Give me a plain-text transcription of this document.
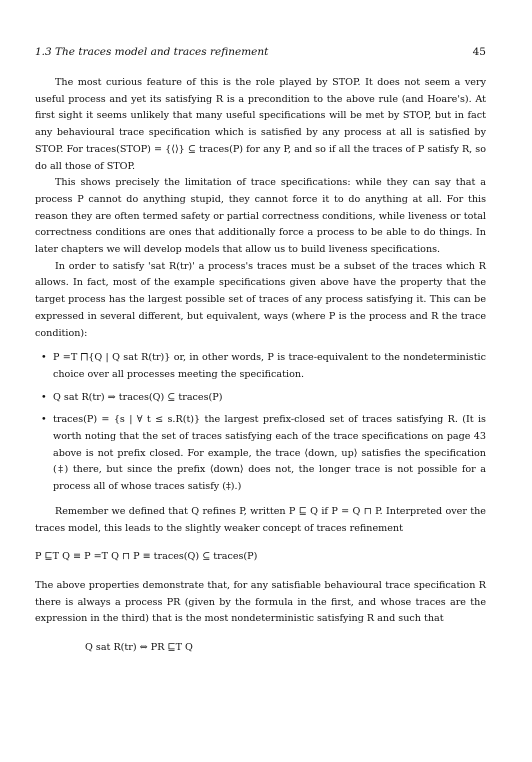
1.3 The traces model and traces refinement	45

The most curious feature of this is the role played by STOP. It does not seem a very useful process and yet its satisfying R is a precondition to the above rule (and Hoare's). At first sight it seems unlikely that many useful specifications will be met by STOP, but in fact any behavioural trace specification which is satisfied by any process at all is satisfied by STOP. For traces(STOP) = {⟨⟩} ⊆ traces(P) for any P, and so if all the traces of P satisfy R, so do all those of STOP.

This shows precisely the limitation of trace specifications: while they can say that a process P cannot do anything stupid, they cannot force it to do anything at all. For this reason they are often termed safety or partial correctness conditions, while liveness or total correctness conditions are ones that additionally force a process to be able to do things. In later chapters we will develop models that allow us to build liveness specifications.

In order to satisfy 'sat R(tr)' a process's traces must be a subset of the traces which R allows. In fact, most of the example specifications given above have the property that the target process has the largest possible set of traces of any process satisfying it. This can be expressed in several different, but equivalent, ways (where P is the process and R the trace condition):

• P =T ⨅{Q | Q sat R(tr)} or, in other words, P is trace-equivalent to the nondeterministic choice over all processes meeting the specification.
• Q sat R(tr) ⇒ traces(Q) ⊆ traces(P)
• traces(P) = {s | ∀ t ≤ s.R(t)} the largest prefix-closed set of traces satisfying R. (It is worth noting that the set of traces satisfying each of the trace specifications on page 43 above is not prefix closed. For example, the trace ⟨down, up⟩ satisfies the specification (‡) there, but since the prefix ⟨down⟩ does not, the longer trace is not possible for a process all of whose traces satisfy (‡).)

Remember we defined that Q refines P, written P ⊑ Q if P = Q ⊓ P. Interpreted over the traces model, this leads to the slightly weaker concept of traces refinement

P ⊑T Q ≡ P =T Q ⊓ P ≡ traces(Q) ⊆ traces(P)

The above properties demonstrate that, for any satisfiable behavioural trace specification R there is always a process PR (given by the formula in the first, and whose traces are the expression in the third) that is the most nondeterministic satisfying R and such that

Q sat R(tr) ⇔ PR ⊑T Q
